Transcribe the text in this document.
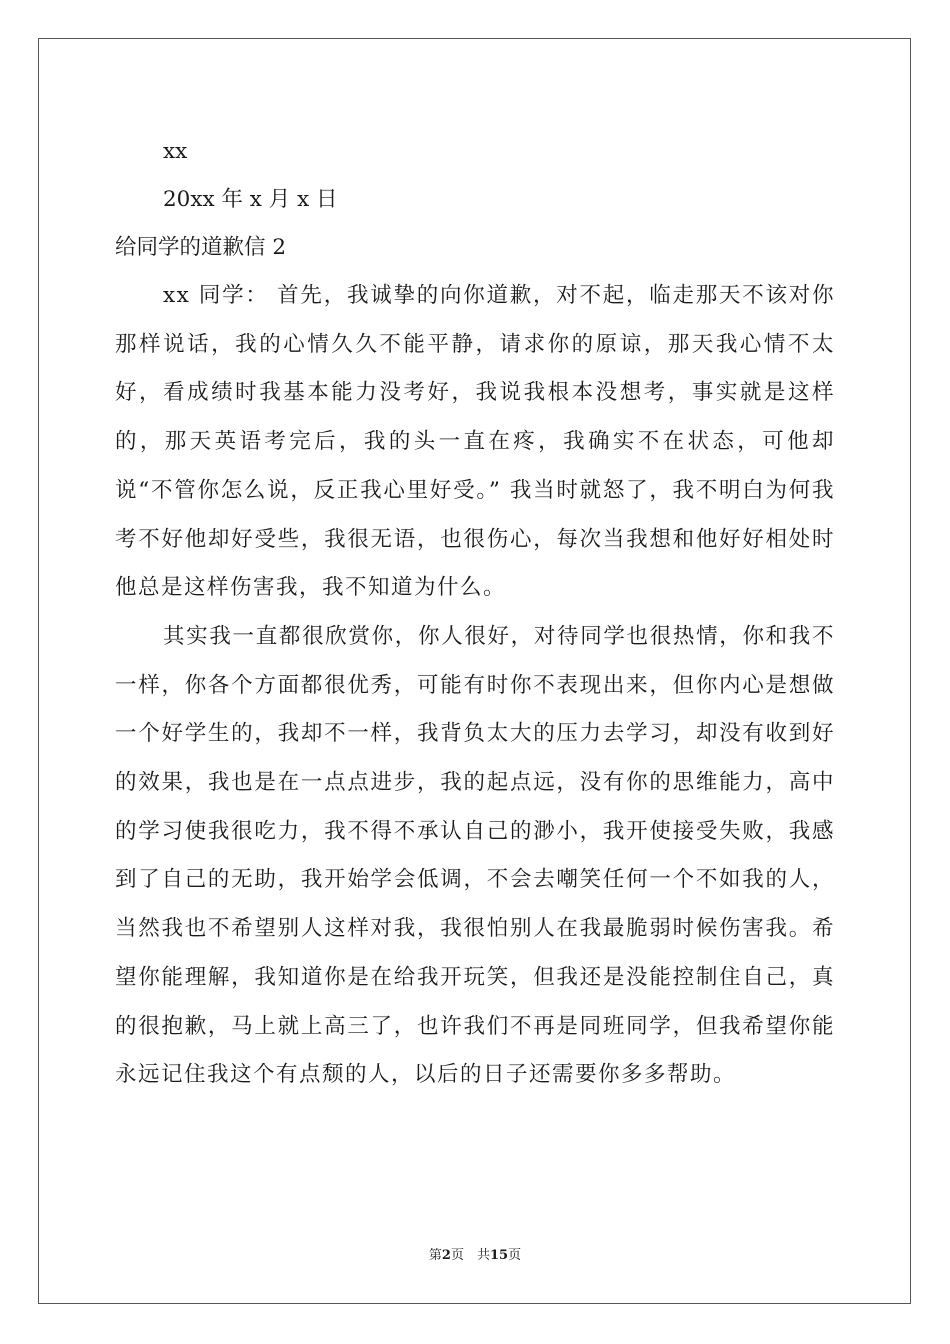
xx

20xx 年 x 月 x 日

给同学的道歉信 2

xx 同学： 首先，我诚挚的向你道歉，对不起，临走那天不该对你那样说话，我的心情久久不能平静，请求你的原谅，那天我心情不太好，看成绩时我基本能力没考好，我说我根本没想考，事实就是这样的，那天英语考完后，我的头一直在疼，我确实不在状态，可他却说“不管你怎么说，反正我心里好受。” 我当时就怒了，我不明白为何我考不好他却好受些，我很无语，也很伤心，每次当我想和他好好相处时他总是这样伤害我，我不知道为什么。

其实我一直都很欣赏你，你人很好，对待同学也很热情，你和我不一样，你各个方面都很优秀，可能有时你不表现出来，但你内心是想做一个好学生的，我却不一样，我背负太大的压力去学习，却没有收到好的效果，我也是在一点点进步，我的起点远，没有你的思维能力，高中的学习使我很吃力，我不得不承认自己的渺小，我开使接受失败，我感到了自己的无助，我开始学会低调，不会去嘲笑任何一个不如我的人，当然我也不希望别人这样对我，我很怕别人在我最脆弱时候伤害我。希望你能理解，我知道你是在给我开玩笑，但我还是没能控制住自己，真的很抱歉，马上就上高三了，也许我们不再是同班同学，但我希望你能永远记住我这个有点颓的人，以后的日子还需要你多多帮助。

第2页　共15页
